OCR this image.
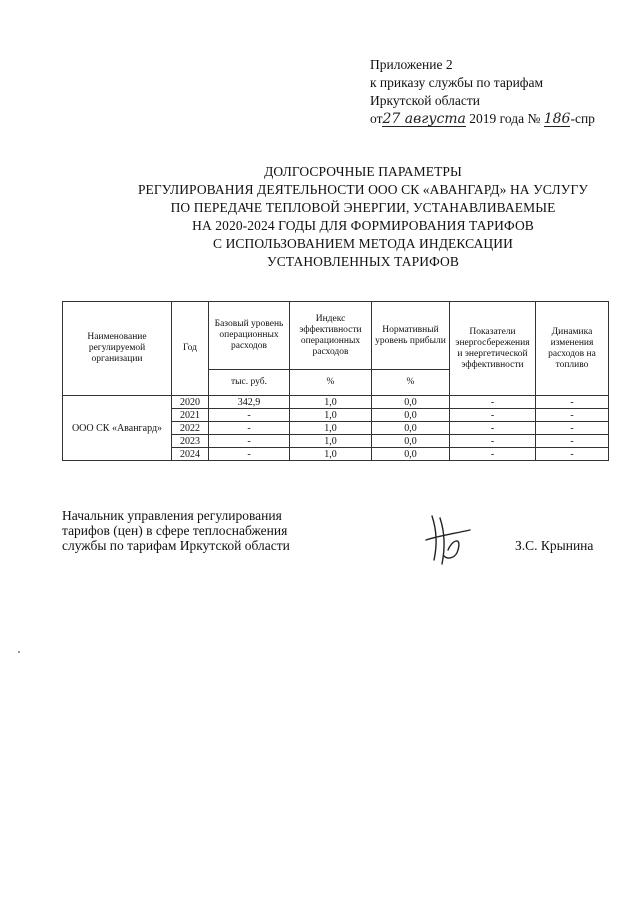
Приложение 2
к приказу службы по тарифам
Иркутской области
от27 августа 2019 года № 186-спр
ДОЛГОСРОЧНЫЕ ПАРАМЕТРЫ
РЕГУЛИРОВАНИЯ ДЕЯТЕЛЬНОСТИ ООО СК «АВАНГАРД» НА УСЛУГУ
ПО ПЕРЕДАЧЕ ТЕПЛОВОЙ ЭНЕРГИИ, УСТАНАВЛИВАЕМЫЕ
НА 2020-2024 ГОДЫ ДЛЯ ФОРМИРОВАНИЯ ТАРИФОВ
С ИСПОЛЬЗОВАНИЕМ МЕТОДА ИНДЕКСАЦИИ
УСТАНОВЛЕННЫХ ТАРИФОВ
Наименование регулируемой организации	Год	Базовый уровень операционных расходов	Индекс эффективности операционных расходов	Нормативный уровень прибыли	Показатели энергосбережения и энергетической эффективности	Динамика изменения расходов на топливо
		тыс. руб.	%	%		
ООО СК «Авангард»	2020	342,9	1,0	0,0	-	-
	2021	-	1,0	0,0	-	-
	2022	-	1,0	0,0	-	-
	2023	-	1,0	0,0	-	-
	2024	-	1,0	0,0	-	-
Начальник управления регулирования
тарифов (цен) в сфере теплоснабжения
службы по тарифам Иркутской области	З.С. Крынина
